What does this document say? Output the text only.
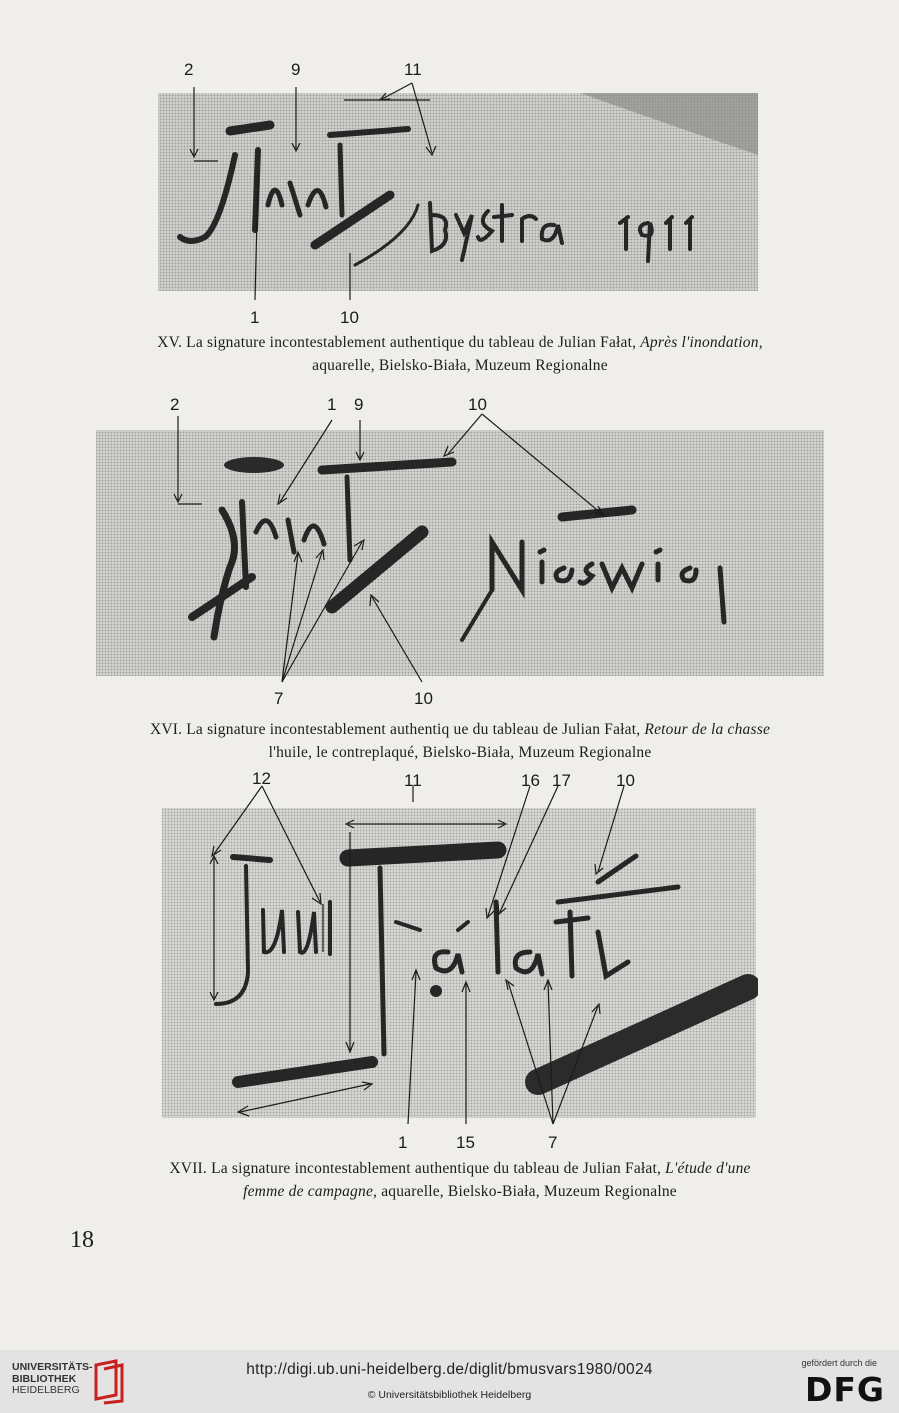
2	9	11
1	10
XV. La signature incontestablement authentique du tableau de Julian Fałat, Après l'inondation,
aquarelle, Bielsko-Biała, Muzeum Regionalne
2	1 9	10
7	10
XVI. La signature incontestablement authentiq ue du tableau de Julian Fałat, Retour de la chasse
l'huile, le contreplaqué, Bielsko-Biała, Muzeum Regionalne
12	11	16 17	10
1	15	7
XVII. La signature incontestablement authentique du tableau de Julian Fałat, L'étude d'une
femme de campagne, aquarelle, Bielsko-Biała, Muzeum Regionalne
18
UNIVERSITÄTS-
BIBLIOTHEK
HEIDELBERG
http://digi.ub.uni-heidelberg.de/diglit/bmusvars1980/0024
© Universitätsbibliothek Heidelberg
gefördert durch die
DFG
